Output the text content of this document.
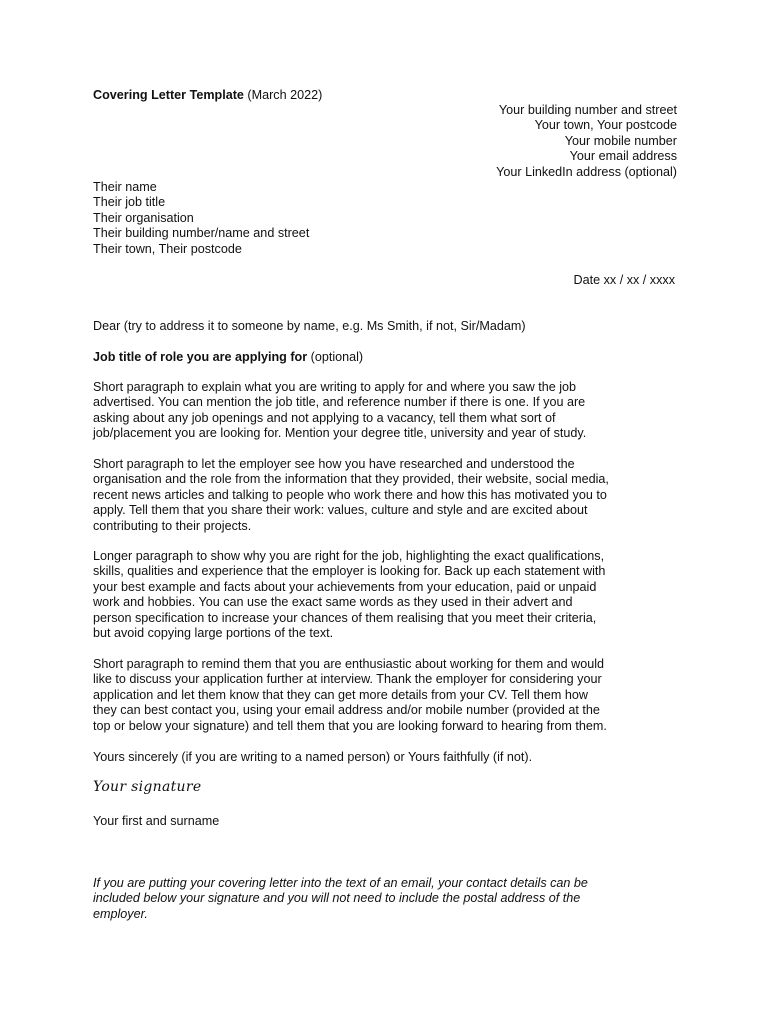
Covering Letter Template (March 2022)
Your building number and street
Your town, Your postcode
Your mobile number
Your email address
Your LinkedIn address (optional)
Their name
Their job title
Their organisation
Their building number/name and street
Their town, Their postcode
Date xx / xx / xxxx
Dear (try to address it to someone by name, e.g. Ms Smith, if not, Sir/Madam)
Job title of role you are applying for (optional)
Short paragraph to explain what you are writing to apply for and where you saw the job
advertised. You can mention the job title, and reference number if there is one. If you are
asking about any job openings and not applying to a vacancy, tell them what sort of
job/placement you are looking for. Mention your degree title, university and year of study.
Short paragraph to let the employer see how you have researched and understood the
organisation and the role from the information that they provided, their website, social media,
recent news articles and talking to people who work there and how this has motivated you to
apply. Tell them that you share their work: values, culture and style and are excited about
contributing to their projects.
Longer paragraph to show why you are right for the job, highlighting the exact qualifications,
skills, qualities and experience that the employer is looking for. Back up each statement with
your best example and facts about your achievements from your education, paid or unpaid
work and hobbies. You can use the exact same words as they used in their advert and
person specification to increase your chances of them realising that you meet their criteria,
but avoid copying large portions of the text.
Short paragraph to remind them that you are enthusiastic about working for them and would
like to discuss your application further at interview. Thank the employer for considering your
application and let them know that they can get more details from your CV. Tell them how
they can best contact you, using your email address and/or mobile number (provided at the
top or below your signature) and tell them that you are looking forward to hearing from them.
Yours sincerely (if you are writing to a named person) or Yours faithfully (if not).
Your signature
Your first and surname
If you are putting your covering letter into the text of an email, your contact details can be
included below your signature and you will not need to include the postal address of the
employer.
